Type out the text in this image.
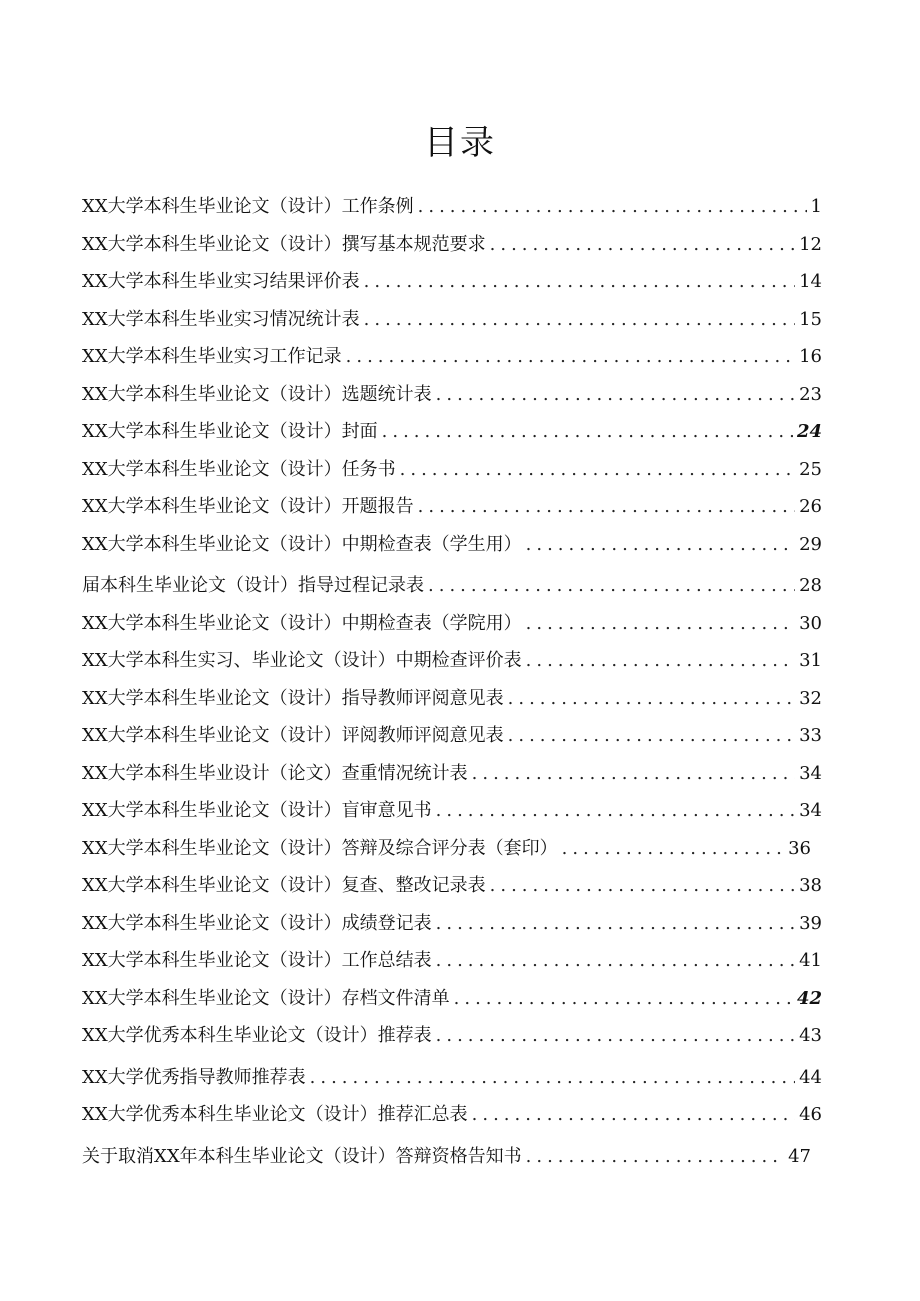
目录
XX大学本科生毕业论文（设计）工作条例 .....	1
XX大学本科生毕业论文（设计）撰写基本规范要求 .....	12
XX大学本科生毕业实习结果评价表 .....	14
XX大学本科生毕业实习情况统计表 .....	15
XX大学本科生毕业实习工作记录 .....	16
XX大学本科生毕业论文（设计）选题统计表 .....	23
XX大学本科生毕业论文（设计）封面 .....	24
XX大学本科生毕业论文（设计）任务书 .....	25
XX大学本科生毕业论文（设计）开题报告 .....	26
XX大学本科生毕业论文（设计）中期检查表（学生用） .....	29
届本科生毕业论文（设计）指导过程记录表 .....	28
XX大学本科生毕业论文（设计）中期检查表（学院用） .....	30
XX大学本科生实习、毕业论文（设计）中期检查评价表 .....	31
XX大学本科生毕业论文（设计）指导教师评阅意见表 .....	32
XX大学本科生毕业论文（设计）评阅教师评阅意见表 .....	33
XX大学本科生毕业设计（论文）查重情况统计表 .....	34
XX大学本科生毕业论文（设计）盲审意见书 .....	34
XX大学本科生毕业论文（设计）答辩及综合评分表（套印） .....	36
XX大学本科生毕业论文（设计）复查、整改记录表 .....	38
XX大学本科生毕业论文（设计）成绩登记表 .....	39
XX大学本科生毕业论文（设计）工作总结表 .....	41
XX大学本科生毕业论文（设计）存档文件清单 .....	42
XX大学优秀本科生毕业论文（设计）推荐表 .....	43
XX大学优秀指导教师推荐表 .....	44
XX大学优秀本科生毕业论文（设计）推荐汇总表 .....	46
关于取消XX年本科生毕业论文（设计）答辩资格告知书 .....	47
